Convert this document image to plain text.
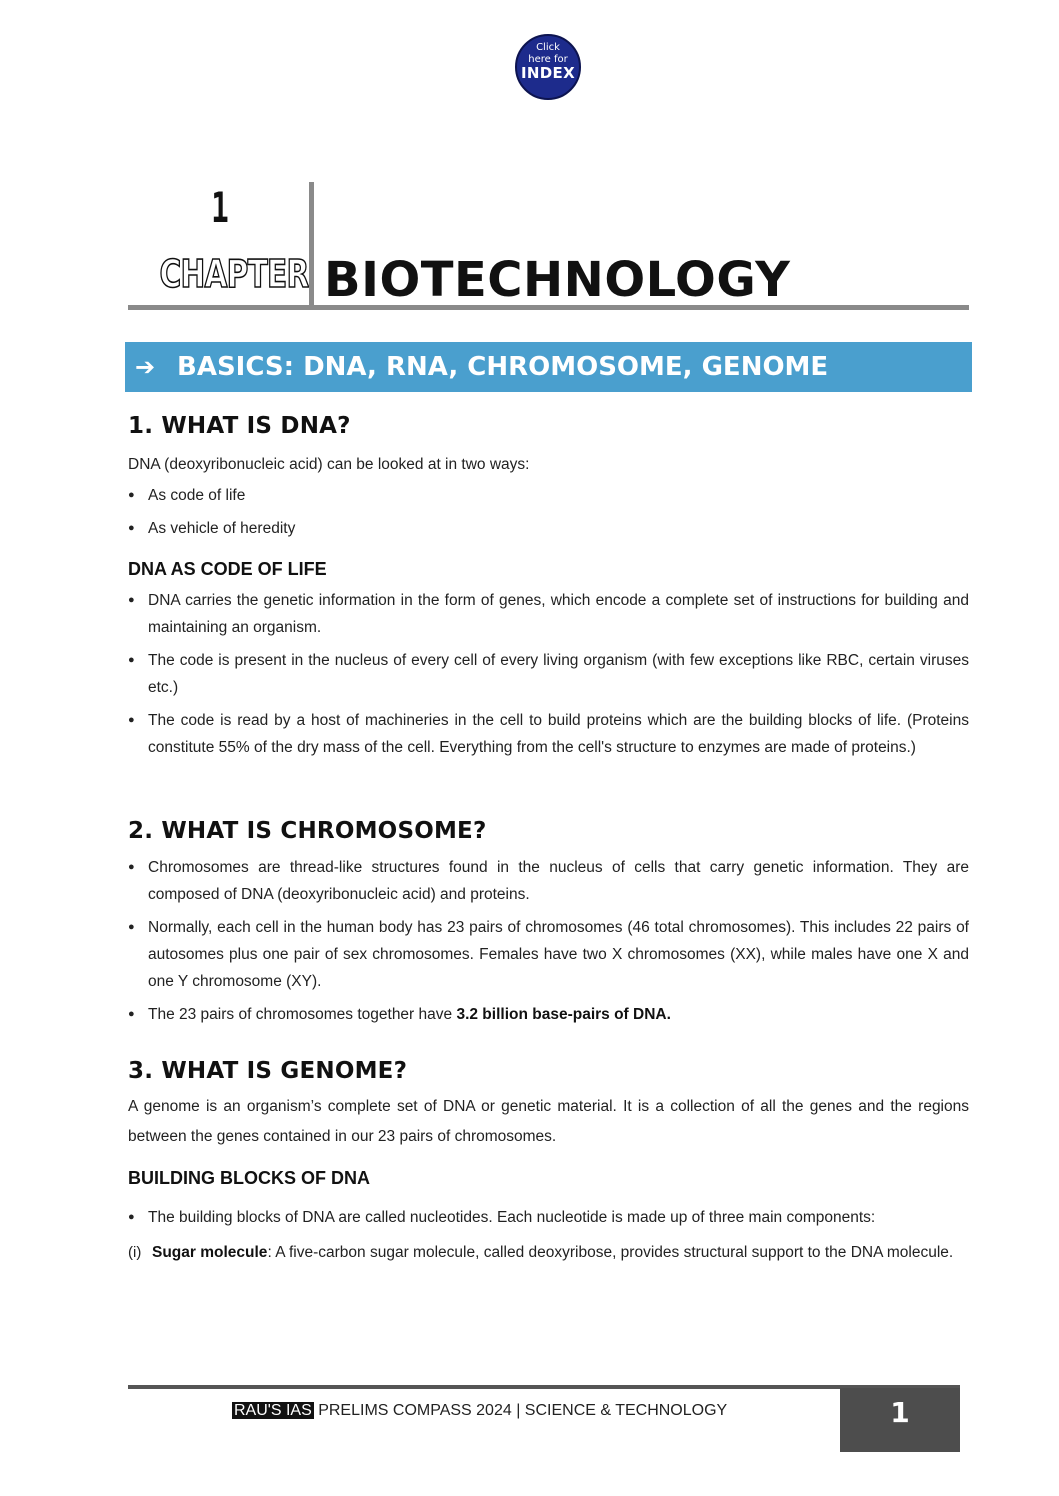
Click
here for
INDEX
1
CHAPTER BIOTECHNOLOGY
➔ BASICS: DNA, RNA, CHROMOSOME, GENOME
1. WHAT IS DNA?

DNA (deoxyribonucleic acid) can be looked at in two ways:

● As code of life
● As vehicle of heredity
DNA AS CODE OF LIFE
● DNA carries the genetic information in the form of genes, which encode a complete set of instructions for building and maintaining an organism.
● The code is present in the nucleus of every cell of every living organism (with few exceptions like RBC, certain viruses etc.)
● The code is read by a host of machineries in the cell to build proteins which are the building blocks of life. (Proteins constitute 55% of the dry mass of the cell. Everything from the cell's structure to enzymes are made of proteins.)
2. WHAT IS CHROMOSOME?
● Chromosomes are thread-like structures found in the nucleus of cells that carry genetic information. They are composed of DNA (deoxyribonucleic acid) and proteins.
● Normally, each cell in the human body has 23 pairs of chromosomes (46 total chromosomes). This includes 22 pairs of autosomes plus one pair of sex chromosomes. Females have two X chromosomes (XX), while males have one X and one Y chromosome (XY).
● The 23 pairs of chromosomes together have 3.2 billion base-pairs of DNA.
3. WHAT IS GENOME?

A genome is an organism’s complete set of DNA or genetic material. It is a collection of all the genes and the regions between the genes contained in our 23 pairs of chromosomes.

BUILDING BLOCKS OF DNA
● The building blocks of DNA are called nucleotides. Each nucleotide is made up of three main components:
(i) Sugar molecule: A five-carbon sugar molecule, called deoxyribose, provides structural support to the DNA molecule.
RAU'S IAS PRELIMS COMPASS 2024 | SCIENCE & TECHNOLOGY	1
